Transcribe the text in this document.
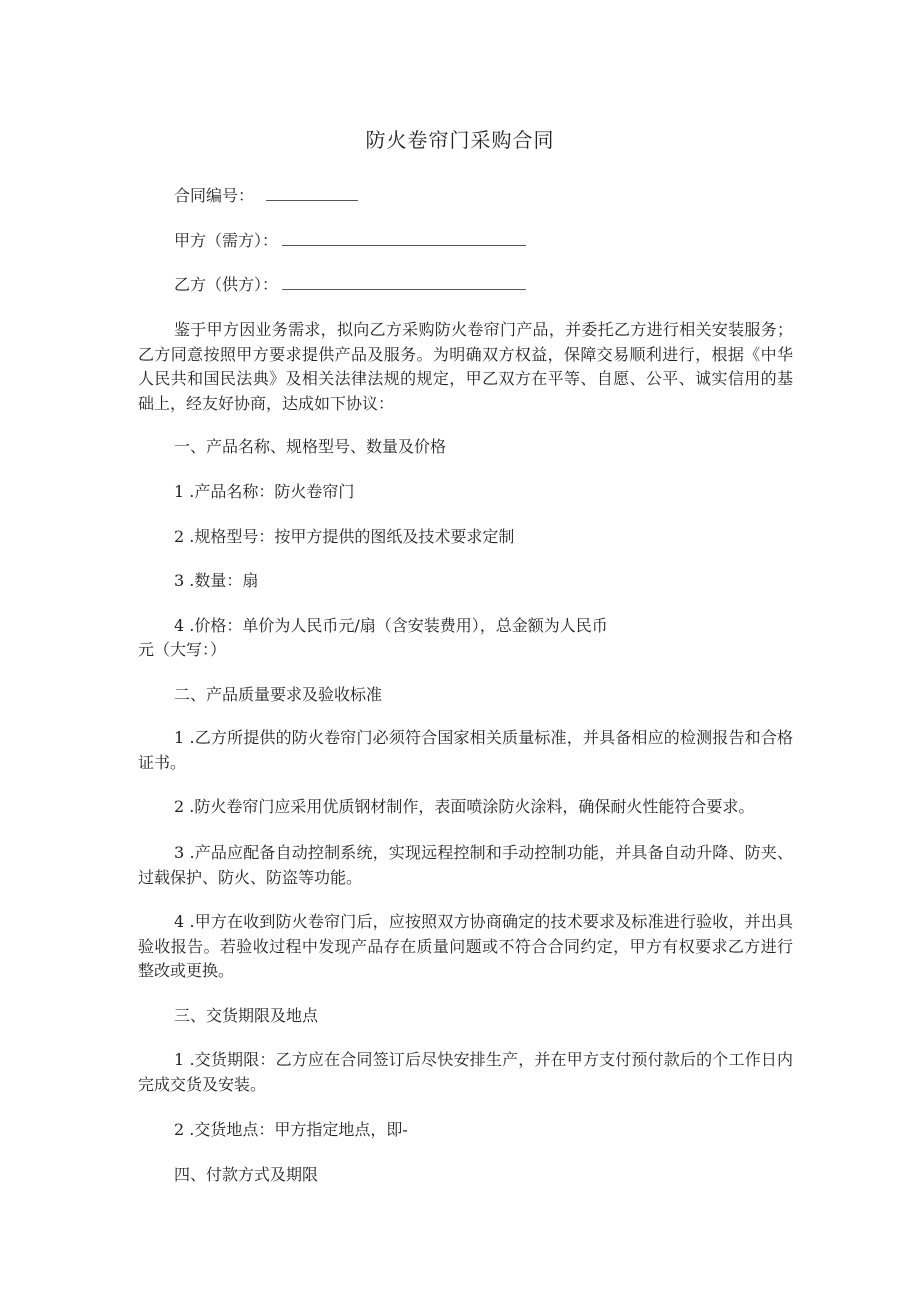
防火卷帘门采购合同
合同编号：
甲方（需方）：
乙方（供方）：
鉴于甲方因业务需求，拟向乙方采购防火卷帘门产品，并委托乙方进行相关安装服务；乙方同意按照甲方要求提供产品及服务。为明确双方权益，保障交易顺利进行，根据《中华人民共和国民法典》及相关法律法规的规定，甲乙双方在平等、自愿、公平、诚实信用的基础上，经友好协商，达成如下协议：
一、产品名称、规格型号、数量及价格
1 .产品名称：防火卷帘门
2 .规格型号：按甲方提供的图纸及技术要求定制
3 .数量：扇
4 .价格：单价为人民币元/扇（含安装费用），总金额为人民币
元（大写：）
二、产品质量要求及验收标准
1 .乙方所提供的防火卷帘门必须符合国家相关质量标准，并具备相应的检测报告和合格证书。
2 .防火卷帘门应采用优质钢材制作，表面喷涂防火涂料，确保耐火性能符合要求。
3 .产品应配备自动控制系统，实现远程控制和手动控制功能，并具备自动升降、防夹、过载保护、防火、防盗等功能。
4 .甲方在收到防火卷帘门后，应按照双方协商确定的技术要求及标准进行验收，并出具验收报告。若验收过程中发现产品存在质量问题或不符合合同约定，甲方有权要求乙方进行整改或更换。
三、交货期限及地点
1 .交货期限：乙方应在合同签订后尽快安排生产，并在甲方支付预付款后的个工作日内完成交货及安装。
2 .交货地点：甲方指定地点，即-
四、付款方式及期限
